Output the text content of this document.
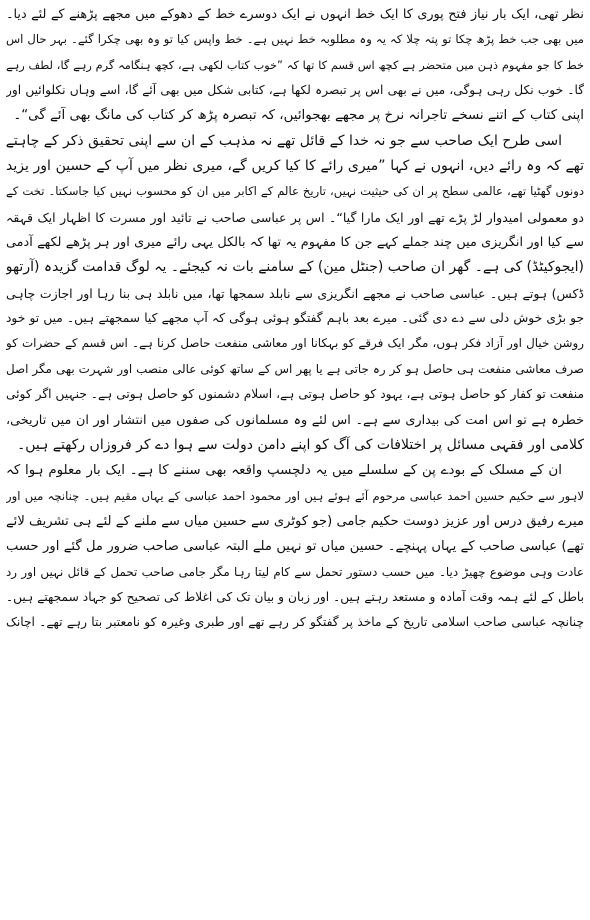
نظر تھی، ایک بار نیاز فتح پوری کا ایک خط انہوں نے ایک دوسرے خط کے دھوکے میں مجھے پڑھنے کے لئے دیا۔
میں بھی جب خط پڑھ چکا تو پتہ چلا کہ یہ وہ مطلوبہ خط نہیں ہے۔ خط واپس کیا تو وہ بھی چکرا گئے۔ بہر حال اس
خط کا جو مفہوم ذہن میں متحضر ہے کچھ اس قسم کا تھا کہ ”خوب کتاب لکھی ہے، کچھ ہنگامہ گرم رہے گا، لطف رہے
گا۔ خوب نکل رہی ہوگی، میں نے بھی اس پر تبصرہ لکھا ہے، کتابی شکل میں بھی آئے گا، اسے وہاں نکلوائیں اور
اپنی کتاب کے اتنے نسخے تاجرانہ نرخ پر مجھے بھجوائیں، کہ تبصرہ پڑھ کر کتاب کی مانگ بھی آئے گی“۔
اسی طرح ایک صاحب سے جو نہ خدا کے قائل تھے نہ مذہب کے ان سے اپنی تحقیق ذکر کے چاہتے
تھے کہ وہ رائے دیں، انہوں نے کہا ”میری رائے کا کیا کریں گے، میری نظر میں آپ کے حسین اور یزید
دونوں گھٹیا تھے، عالمی سطح پر ان کی حیثیت نہیں، تاریخ عالم کے اکابر میں ان کو محسوب نہیں کیا جاسکتا۔ تخت کے
دو معمولی امیدوار لڑ پڑے تھے اور ایک مارا گیا“۔ اس پر عباسی صاحب نے تائید اور مسرت کا اظہار ایک قہقہ
سے کیا اور انگریزی میں چند جملے کہے جن کا مفہوم یہ تھا کہ بالکل یہی رائے میری اور ہر پڑھے لکھے آدمی
(ایجوکیٹڈ) کی ہے۔ گھر ان صاحب (جنٹل مین) کے سامنے بات نہ کیجئے۔ یہ لوگ قدامت گزیدہ (آرتھو
ڈکس) ہوتے ہیں۔ عباسی صاحب نے مجھے انگریزی سے نابلد سمجھا تھا، میں نابلد ہی بنا رہا اور اجازت چاہی
جو بڑی خوش دلی سے دے دی گئی۔ میرے بعد باہم گفتگو ہوئی ہوگی کہ آپ مجھے کیا سمجھتے ہیں۔ میں تو خود
روشن خیال اور آزاد فکر ہوں، مگر ایک فرقے کو بہکانا اور معاشی منفعت حاصل کرنا ہے۔ اس قسم کے حضرات کو
صرف معاشی منفعت ہی حاصل ہو کر رہ جاتی ہے یا پھر اس کے ساتھ کوئی عالی منصب اور شہرت بھی مگر اصل
منفعت تو کفار کو حاصل ہوتی ہے، یہود کو حاصل ہوتی ہے، اسلام دشمنوں کو حاصل ہوتی ہے۔ جنہیں اگر کوئی
خطرہ ہے تو اس امت کی بیداری سے ہے۔ اس لئے وہ مسلمانوں کی صفوں میں انتشار اور ان میں تاریخی،
کلامی اور فقہی مسائل پر اختلافات کی آگ کو اپنے دامن دولت سے ہوا دے کر فروزاں رکھتے ہیں۔
ان کے مسلک کے بودے پن کے سلسلے میں یہ دلچسپ واقعہ بھی سننے کا ہے۔ ایک بار معلوم ہوا کہ
لاہور سے حکیم حسین احمد عباسی مرحوم آئے ہوئے ہیں اور محمود احمد عباسی کے یہاں مقیم ہیں۔ چنانچہ میں اور
میرے رفیق درس اور عزیز دوست حکیم جامی (جو کوٹری سے حسین میاں سے ملنے کے لئے ہی تشریف لائے
تھے) عباسی صاحب کے یہاں پہنچے۔ حسین میاں تو نہیں ملے البتہ عباسی صاحب ضرور مل گئے اور حسب
عادت وہی موضوع چھیڑ دیا۔ میں حسب دستور تحمل سے کام لیتا رہا مگر جامی صاحب تحمل کے قائل نہیں اور رد
باطل کے لئے ہمہ وقت آمادہ و مستعد رہتے ہیں۔ اور زبان و بیان تک کی اغلاط کی تصحیح کو جہاد سمجھتے ہیں۔
چنانچہ عباسی صاحب اسلامی تاریخ کے ماخذ پر گفتگو کر رہے تھے اور طبری وغیرہ کو نامعتبر بتا رہے تھے۔ اچانک
